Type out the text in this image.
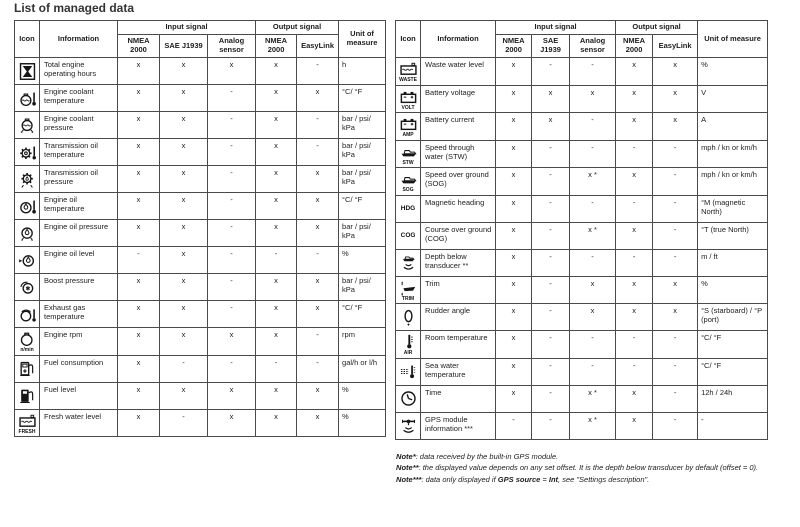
List of managed data
Icon	Information	Input signal			Output signal		Unit of measure
		NMEA 2000	SAE J1939	Analog sensor	NMEA 2000	EasyLink	

	Total engine operating hours	x	x	x	x	-	h

	Engine coolant temperature	x	x	-	x	x	°C/ °F

	Engine coolant pressure	x	x	-	x	-	bar / psi/ kPa

	Transmission oil temperature	x	x	-	x	-	bar / psi/ kPa

	Transmission oil pressure	x	x	-	x	x	bar / psi/ kPa

	Engine oil temperature	x	x	-	x	x	°C/ °F

	Engine oil pressure	x	x	-	x	x	bar / psi/ kPa

	Engine oil level	-	x	-	-	-	%

	Boost pressure	x	x	-	x	x	bar / psi/ kPa

	Exhaust gas temperature	x	x	-	x	x	°C/ °F

n/min	Engine rpm	x	x	x	x	-	rpm

	Fuel consumption	x	-	-	-	-	gal/h or l/h

	Fuel level	x	x	x	x	x	%

FRESH	Fresh water level	x	-	x	x	x	%
Icon	Information	Input signal			Output signal		Unit of measure
		NMEA 2000	SAE J1939	Analog sensor	NMEA 2000	EasyLink	

WASTE	Waste water level	x	-	-	x	x	%

VOLT	Battery voltage	x	x	x	x	x	V

AMP	Battery current	x	x	-	x	x	A

STW	Speed through water (STW)	x	-	-	-	-	mph / kn or km/h

SOG	Speed over ground (SOG)	x	-	x *	x	-	mph / kn or km/h

HDG	Magnetic heading	x	-	-	-	-	°M (magnetic North)

COG	Course over ground (COG)	x	-	x *	x	-	°T (true North)

	Depth below transducer **	x	-	-	-	-	m / ft

TRIM	Trim	x	-	x	x	x	%

	Rudder angle	x	-	x	x	x	°S (starboard) / °P (port)

AIR	Room temperature	x	-	-	-	-	°C/ °F

	Sea water temperature	x	-	-	-	-	°C/ °F

	Time	x	-	x *	x	-	12h / 24h

	GPS module information ***	-	-	x *	x	-	-
Note*: data received by the built-in GPS module.
Note**: the displayed value depends on any set offset. It is the depth below transducer by default (offset = 0).
Note***: data only displayed if GPS source = Int, see "Settings description".
